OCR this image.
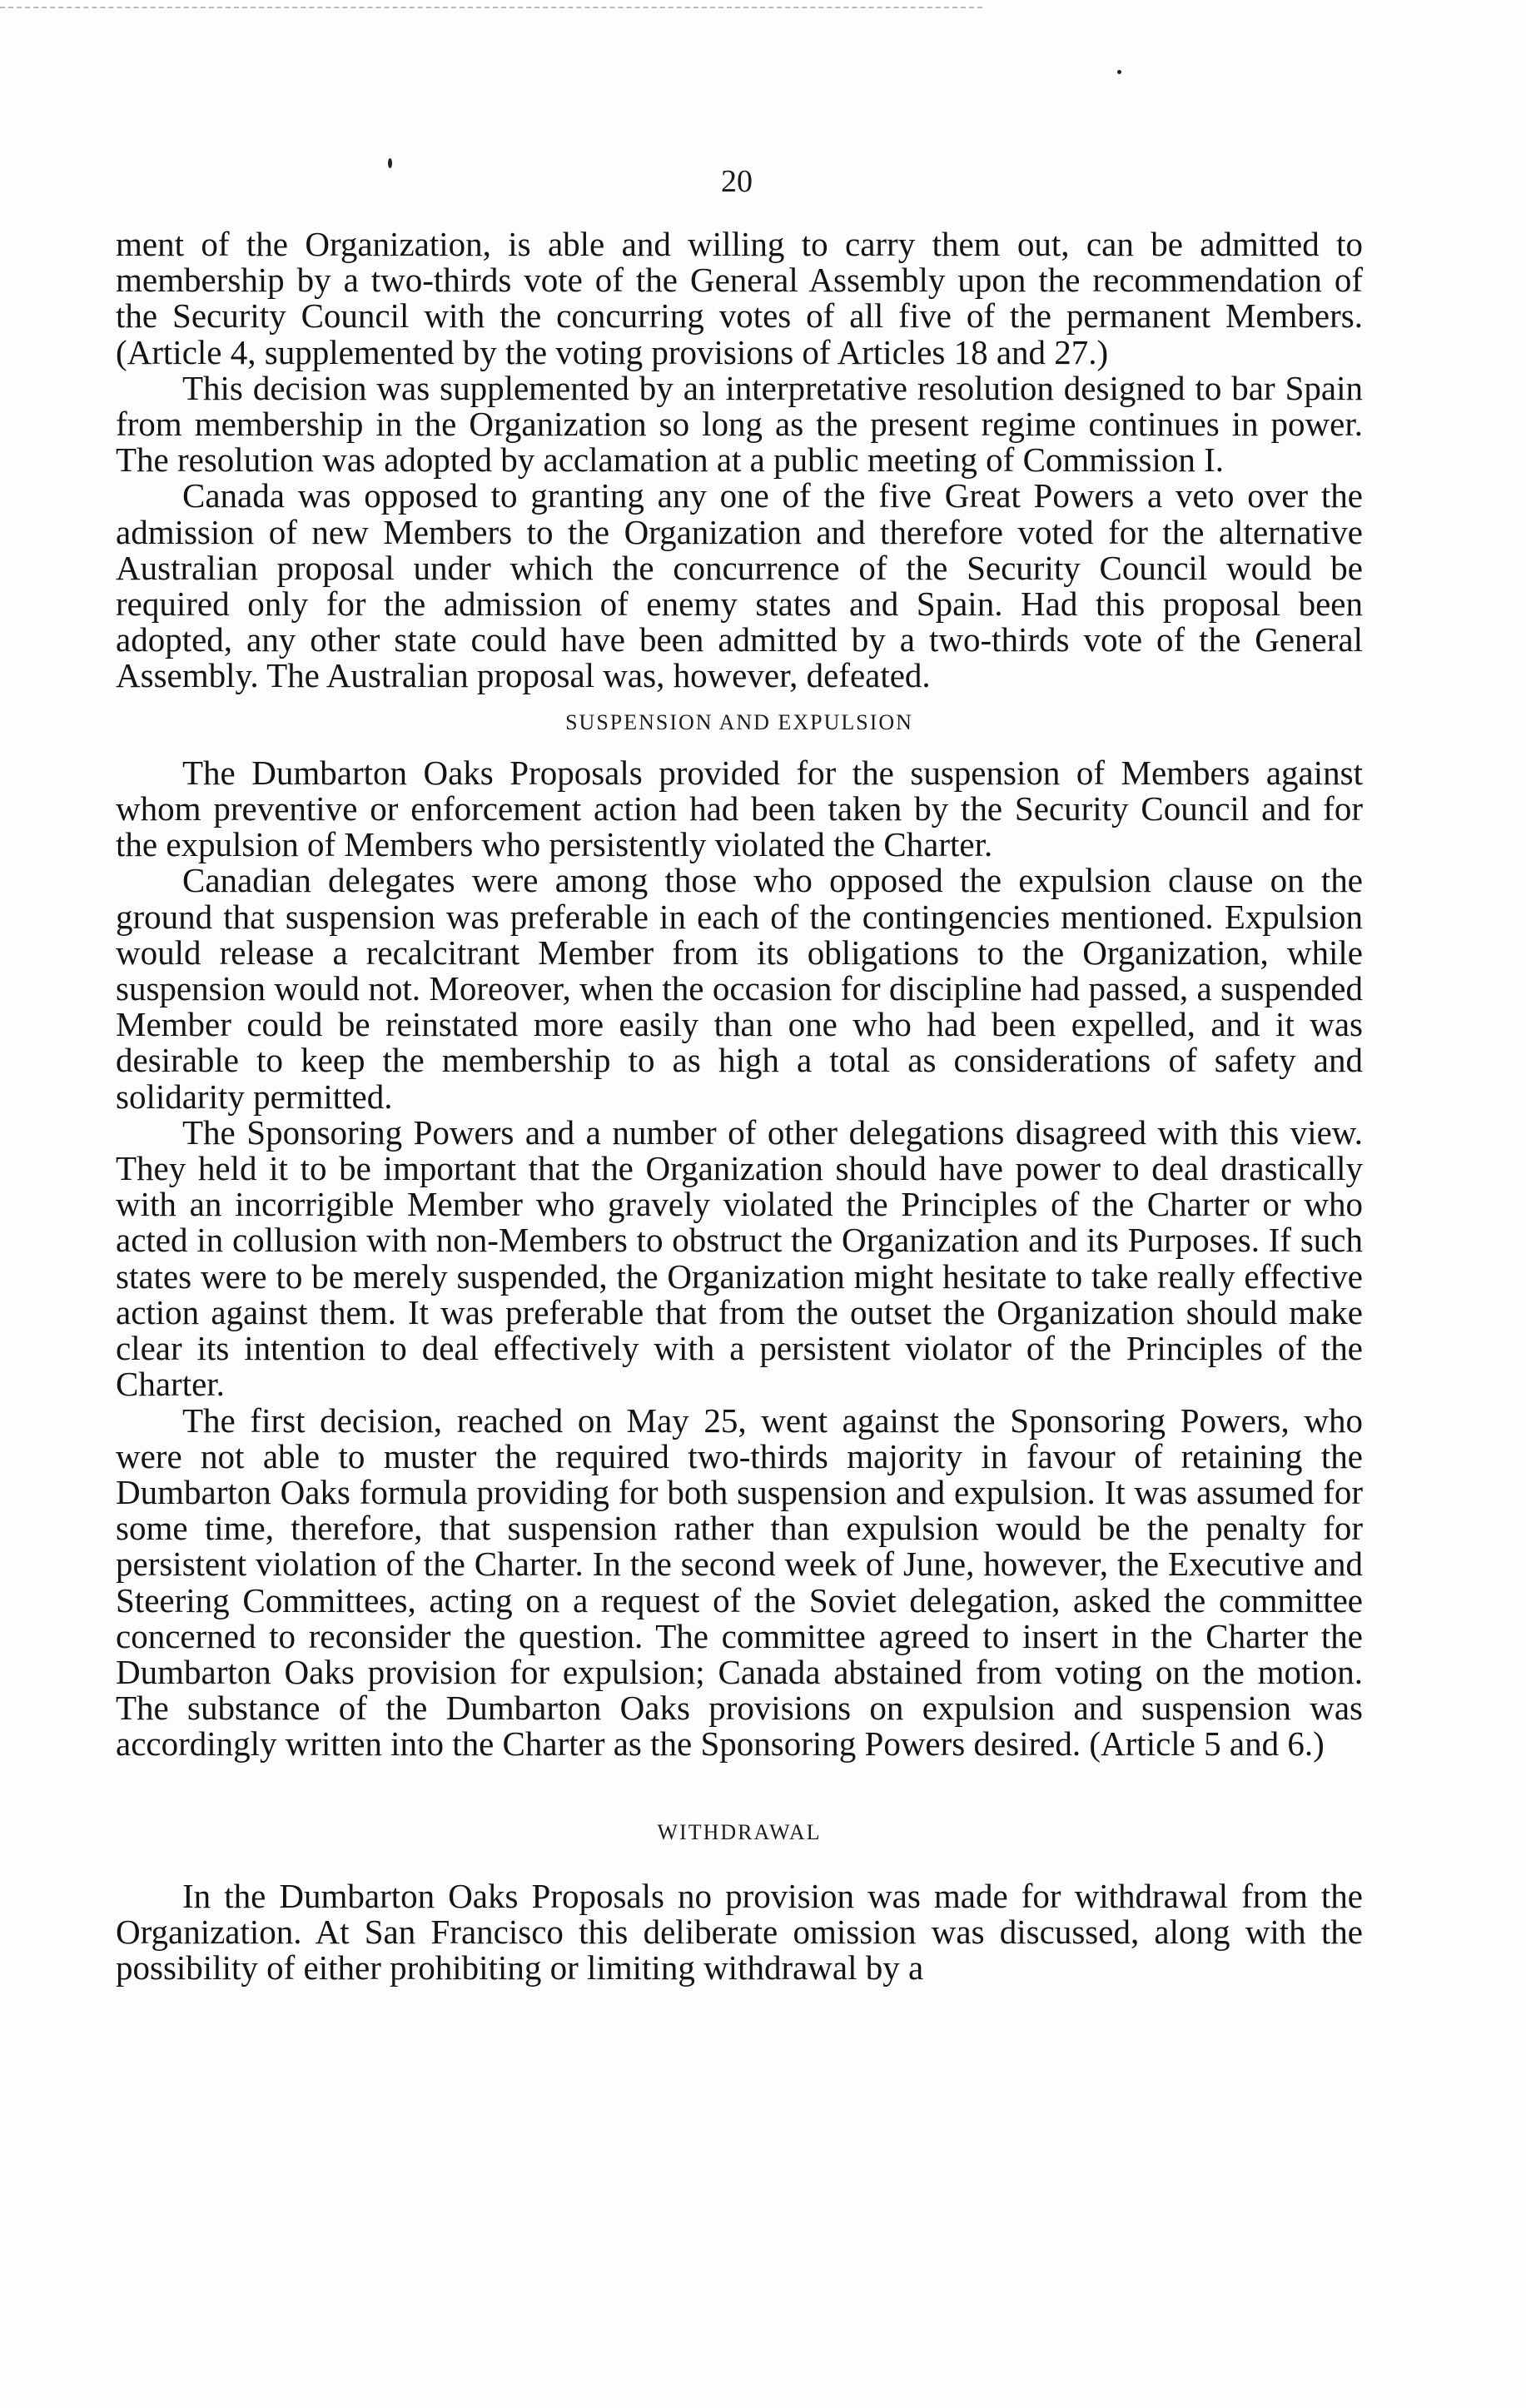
20

ment of the Organization, is able and willing to carry them out, can be admitted to membership by a two-thirds vote of the General Assembly upon the recommendation of the Security Council with the concurring votes of all five of the permanent Members. (Article 4, supplemented by the voting provisions of Articles 18 and 27.)

This decision was supplemented by an interpretative resolution designed to bar Spain from membership in the Organization so long as the present regime continues in power. The resolution was adopted by acclamation at a public meeting of Commission I.

Canada was opposed to granting any one of the five Great Powers a veto over the admission of new Members to the Organization and therefore voted for the alternative Australian proposal under which the concurrence of the Security Council would be required only for the admission of enemy states and Spain. Had this proposal been adopted, any other state could have been admitted by a two-thirds vote of the General Assembly. The Australian proposal was, however, defeated.

SUSPENSION AND EXPULSION

The Dumbarton Oaks Proposals provided for the suspension of Members against whom preventive or enforcement action had been taken by the Security Council and for the expulsion of Members who persistently violated the Charter.

Canadian delegates were among those who opposed the expulsion clause on the ground that suspension was preferable in each of the contingencies mentioned. Expulsion would release a recalcitrant Member from its obligations to the Organization, while suspension would not. Moreover, when the occasion for discipline had passed, a suspended Member could be reinstated more easily than one who had been expelled, and it was desirable to keep the membership to as high a total as considerations of safety and solidarity permitted.

The Sponsoring Powers and a number of other delegations disagreed with this view. They held it to be important that the Organization should have power to deal drastically with an incorrigible Member who gravely violated the Principles of the Charter or who acted in collusion with non-Members to obstruct the Organization and its Purposes. If such states were to be merely suspended, the Organization might hesitate to take really effective action against them. It was preferable that from the outset the Organization should make clear its intention to deal effectively with a persistent violator of the Principles of the Charter.

The first decision, reached on May 25, went against the Sponsoring Powers, who were not able to muster the required two-thirds majority in favour of retaining the Dumbarton Oaks formula providing for both suspension and expulsion. It was assumed for some time, therefore, that suspension rather than expulsion would be the penalty for persistent violation of the Charter. In the second week of June, however, the Executive and Steering Committees, acting on a request of the Soviet delegation, asked the committee concerned to reconsider the question. The committee agreed to insert in the Charter the Dumbarton Oaks provision for expulsion; Canada abstained from voting on the motion. The substance of the Dumbarton Oaks provisions on expulsion and suspension was accordingly written into the Charter as the Sponsoring Powers desired. (Article 5 and 6.)

WITHDRAWAL

In the Dumbarton Oaks Proposals no provision was made for withdrawal from the Organization. At San Francisco this deliberate omission was discussed, along with the possibility of either prohibiting or limiting withdrawal by a
